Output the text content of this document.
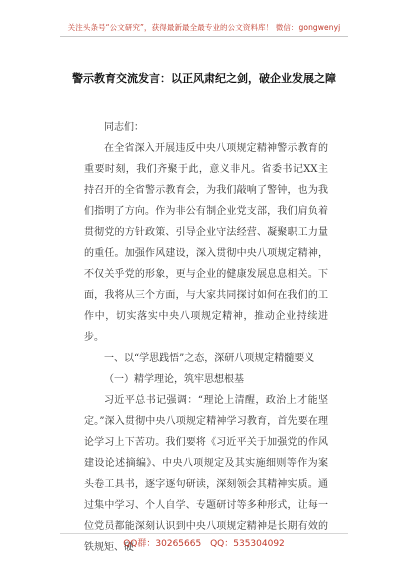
关注头条号“公文研究”，获得最新最全最专业的公文资料库！ 微信：gongwenyj
警示教育交流发言：以正风肃纪之剑，破企业发展之障

同志们：

在全省深入开展违反中央八项规定精神警示教育的重要时刻，我们齐聚于此，意义非凡。省委书记XX主持召开的全省警示教育会，为我们敲响了警钟，也为我们指明了方向。作为非公有制企业党支部，我们肩负着贯彻党的方针政策、引导企业守法经营、凝聚职工力量的重任。加强作风建设，深入贯彻中央八项规定精神，不仅关乎党的形象，更与企业的健康发展息息相关。下面，我将从三个方面，与大家共同探讨如何在我们的工作中，切实落实中央八项规定精神，推动企业持续进步。

一、以“学思践悟”之态，深研八项规定精髓要义

（一）精学理论，筑牢思想根基

习近平总书记强调：“理论上清醒，政治上才能坚定。”深入贯彻中央八项规定精神学习教育，首先要在理论学习上下苦功。我们要将《习近平关于加强党的作风建设论述摘编》、中央八项规定及其实施细则等作为案头卷工具书，逐字逐句研读，深刻领会其精神实质。通过集中学习、个人自学、专题研讨等多种形式，让每一位党员都能深刻认识到中央八项规定精神是长期有效的铁规矩、硬

QQ群：30265665 QQ：535304092
